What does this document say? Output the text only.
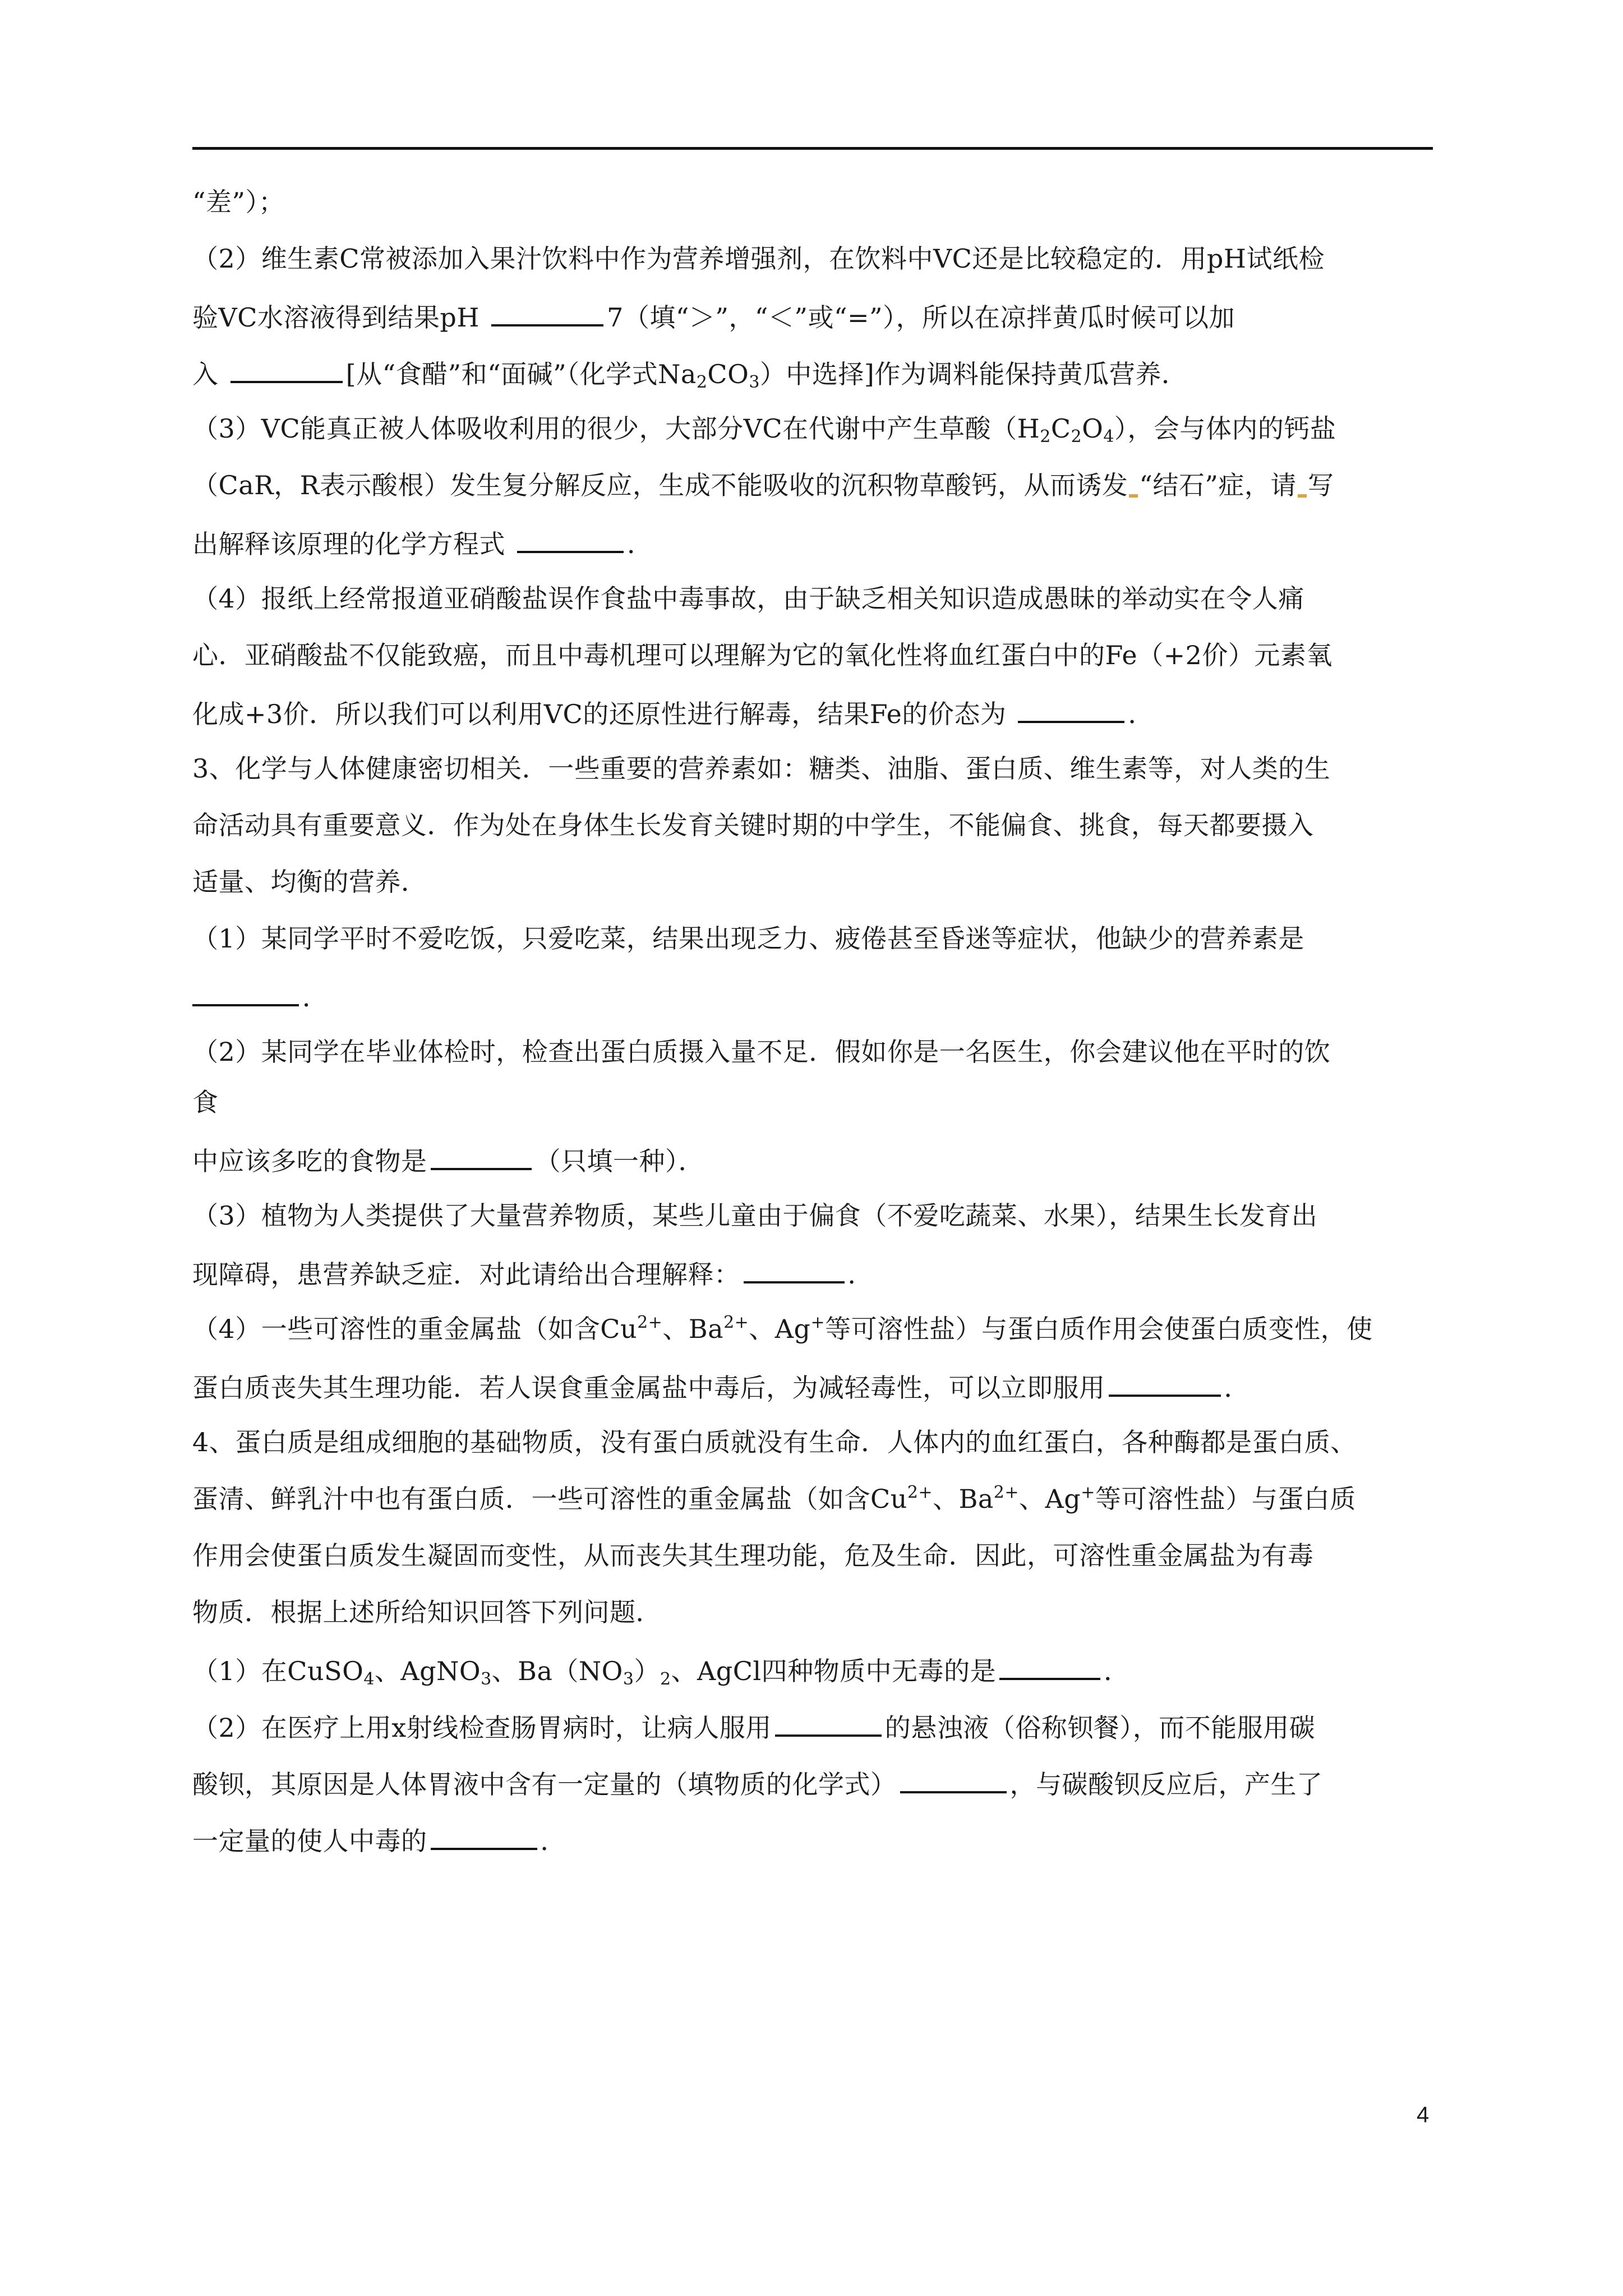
“差”）；
（2）维生素C常被添加入果汁饮料中作为营养增强剂，在饮料中VC还是比较稳定的．用pH试纸检
验VC水溶液得到结果pH	7（填“＞”，“＜”或“=”），所以在凉拌黄瓜时候可以加
入	[从“食醋”和“面碱”（化学式$Na_2CO_3$）中选择]作为调料能保持黄瓜营养．
（3）VC能真正被人体吸收利用的很少，大部分VC在代谢中产生草酸$(H_2C_2O_4)$，会与体内的钙盐
（CaR，R表示酸根）发生复分解反应，生成不能吸收的沉积物草酸钙，从而诱发 “结石”症，请 写
出解释该原理的化学方程式	．
（4）报纸上经常报道亚硝酸盐误作食盐中毒事故，由于缺乏相关知识造成愚昧的举动实在令人痛
心．亚硝酸盐不仅能致癌，而且中毒机理可以理解为它的氧化性将血红蛋白中的Fe（+2价）元素氧
化成+3价．所以我们可以利用VC的还原性进行解毒，结果Fe的价态为	．
3、化学与人体健康密切相关．一些重要的营养素如：糖类、油脂、蛋白质、维生素等，对人类的生
命活动具有重要意义．作为处在身体生长发育关键时期的中学生，不能偏食、挑食，每天都要摄入
适量、均衡的营养．
（1）某同学平时不爱吃饭，只爱吃菜，结果出现乏力、疲倦甚至昏迷等症状，他缺少的营养素是
．
（2）某同学在毕业体检时，检查出蛋白质摄入量不足．假如你是一名医生，你会建议他在平时的饮
食
中应该多吃的食物是	（只填一种）．
（3）植物为人类提供了大量营养物质，某些儿童由于偏食（不爱吃蔬菜、水果），结果生长发育出
现障碍，患营养缺乏症．对此请给出合理解释：	．
（4）一些可溶性的重金属盐（如含$Cu^{2+}$、$Ba^{2+}$、Ag+等可溶性盐）与蛋白质作用会使蛋白质变性，使
蛋白质丧失其生理功能．若人误食重金属盐中毒后，为减轻毒性，可以立即服用	．
4、蛋白质是组成细胞的基础物质，没有蛋白质就没有生命．人体内的血红蛋白，各种酶都是蛋白质、
蛋清、鲜乳汁中也有蛋白质．一些可溶性的重金属盐（如含$Cu^{2+}$、$Ba^{2+}$、Ag+等可溶性盐）与蛋白质
作用会使蛋白质发生凝固而变性，从而丧失其生理功能，危及生命．因此，可溶性重金属盐为有毒
物质．根据上述所给知识回答下列问题．
（1）在CuSO$_4$、AgNO$_3$、$Ba(NO_3)_2$、AgCl四种物质中无毒的是	．
（2）在医疗上用x射线检查肠胃病时，让病人服用	的悬浊液（俗称钡餐），而不能服用碳
酸钡，其原因是人体胃液中含有一定量的（填物质的化学式）	，与碳酸钡反应后，产生了
一定量的使人中毒的	．
4
